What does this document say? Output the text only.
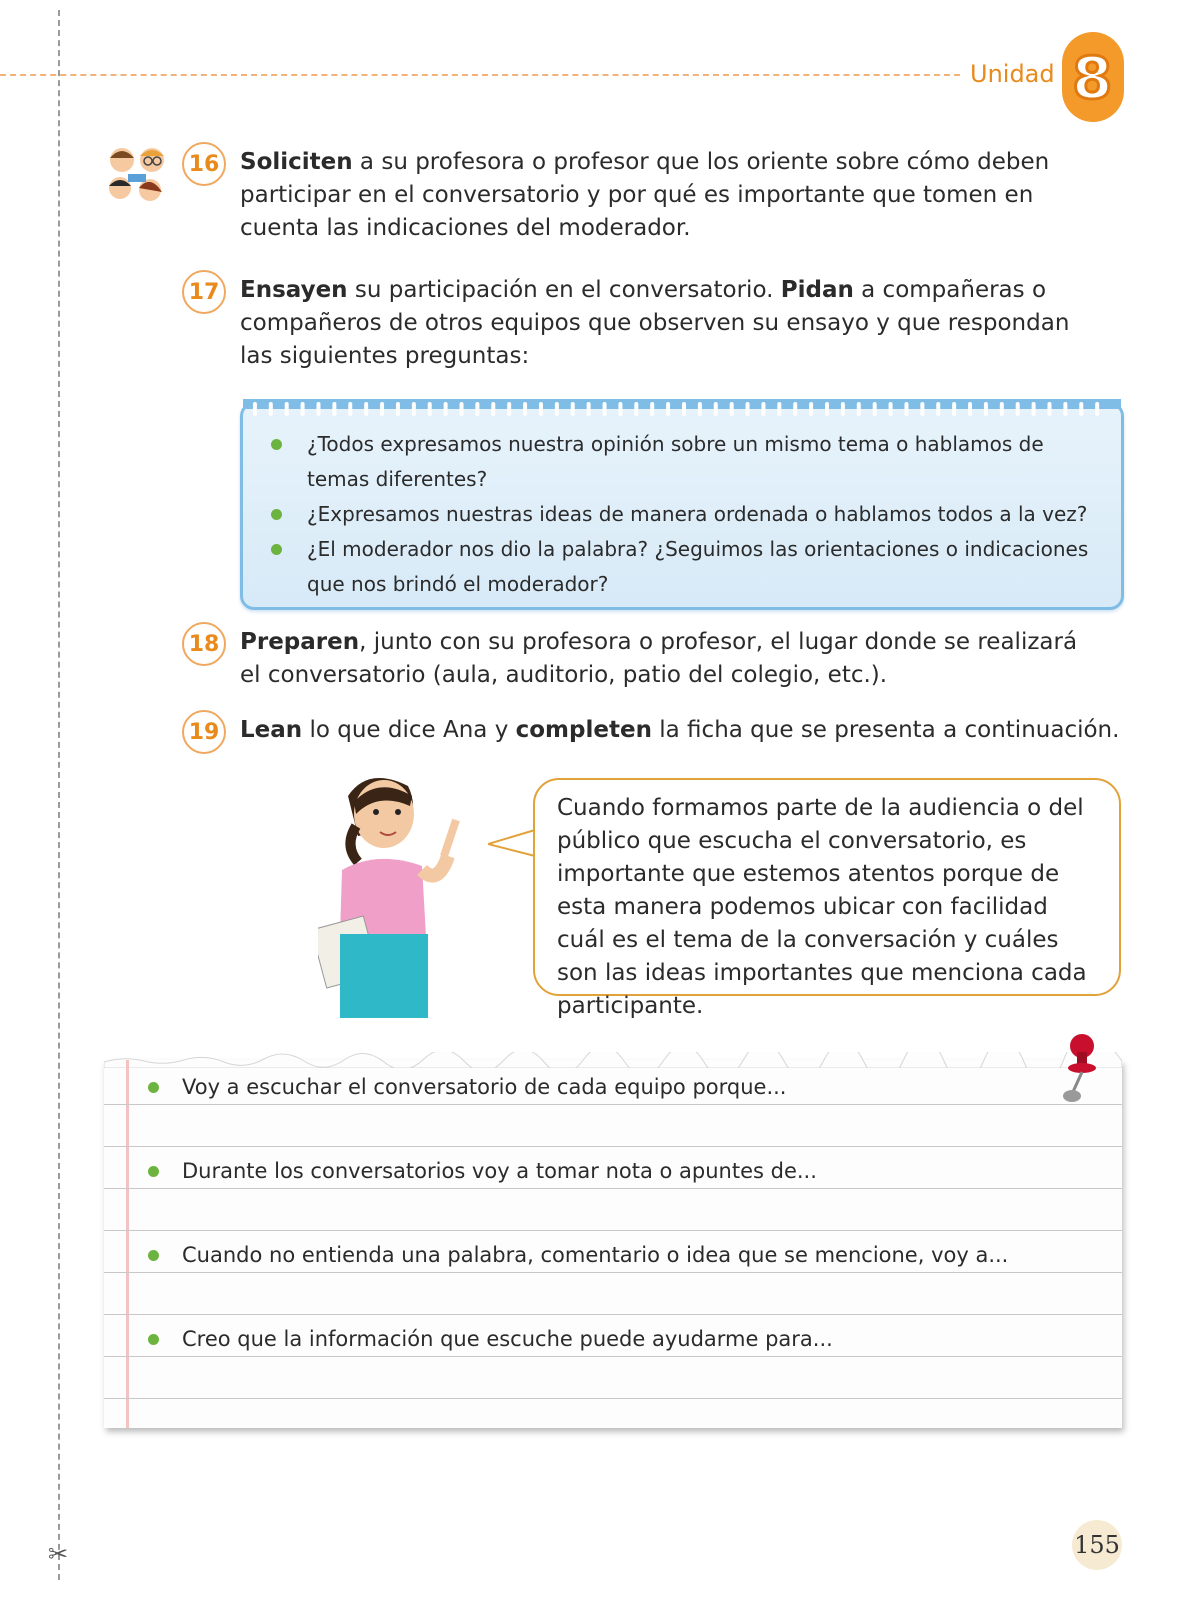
✂
Unidad 8
16 Soliciten a su profesora o profesor que los oriente sobre cómo deben participar en el conversatorio y por qué es importante que tomen en cuenta las indicaciones del moderador.
17 Ensayen su participación en el conversatorio. Pidan a compañeras o compañeros de otros equipos que observen su ensayo y que respondan las siguientes preguntas:
¿Todos expresamos nuestra opinión sobre un mismo tema o hablamos de temas diferentes?
¿Expresamos nuestras ideas de manera ordenada o hablamos todos a la vez?
¿El moderador nos dio la palabra? ¿Seguimos las orientaciones o indicaciones que nos brindó el moderador?
18 Preparen, junto con su profesora o profesor, el lugar donde se realizará el conversatorio (aula, auditorio, patio del colegio, etc.).
19 Lean lo que dice Ana y completen la ficha que se presenta a continuación.
Cuando formamos parte de la audiencia o del público que escucha el conversatorio, es importante que estemos atentos porque de esta manera podemos ubicar con facilidad cuál es el tema de la conversación y cuáles son las ideas importantes que menciona cada participante.
Voy a escuchar el conversatorio de cada equipo porque...
Durante los conversatorios voy a tomar nota o apuntes de...
Cuando no entienda una palabra, comentario o idea que se mencione, voy a...
Creo que la información que escuche puede ayudarme para...
155
